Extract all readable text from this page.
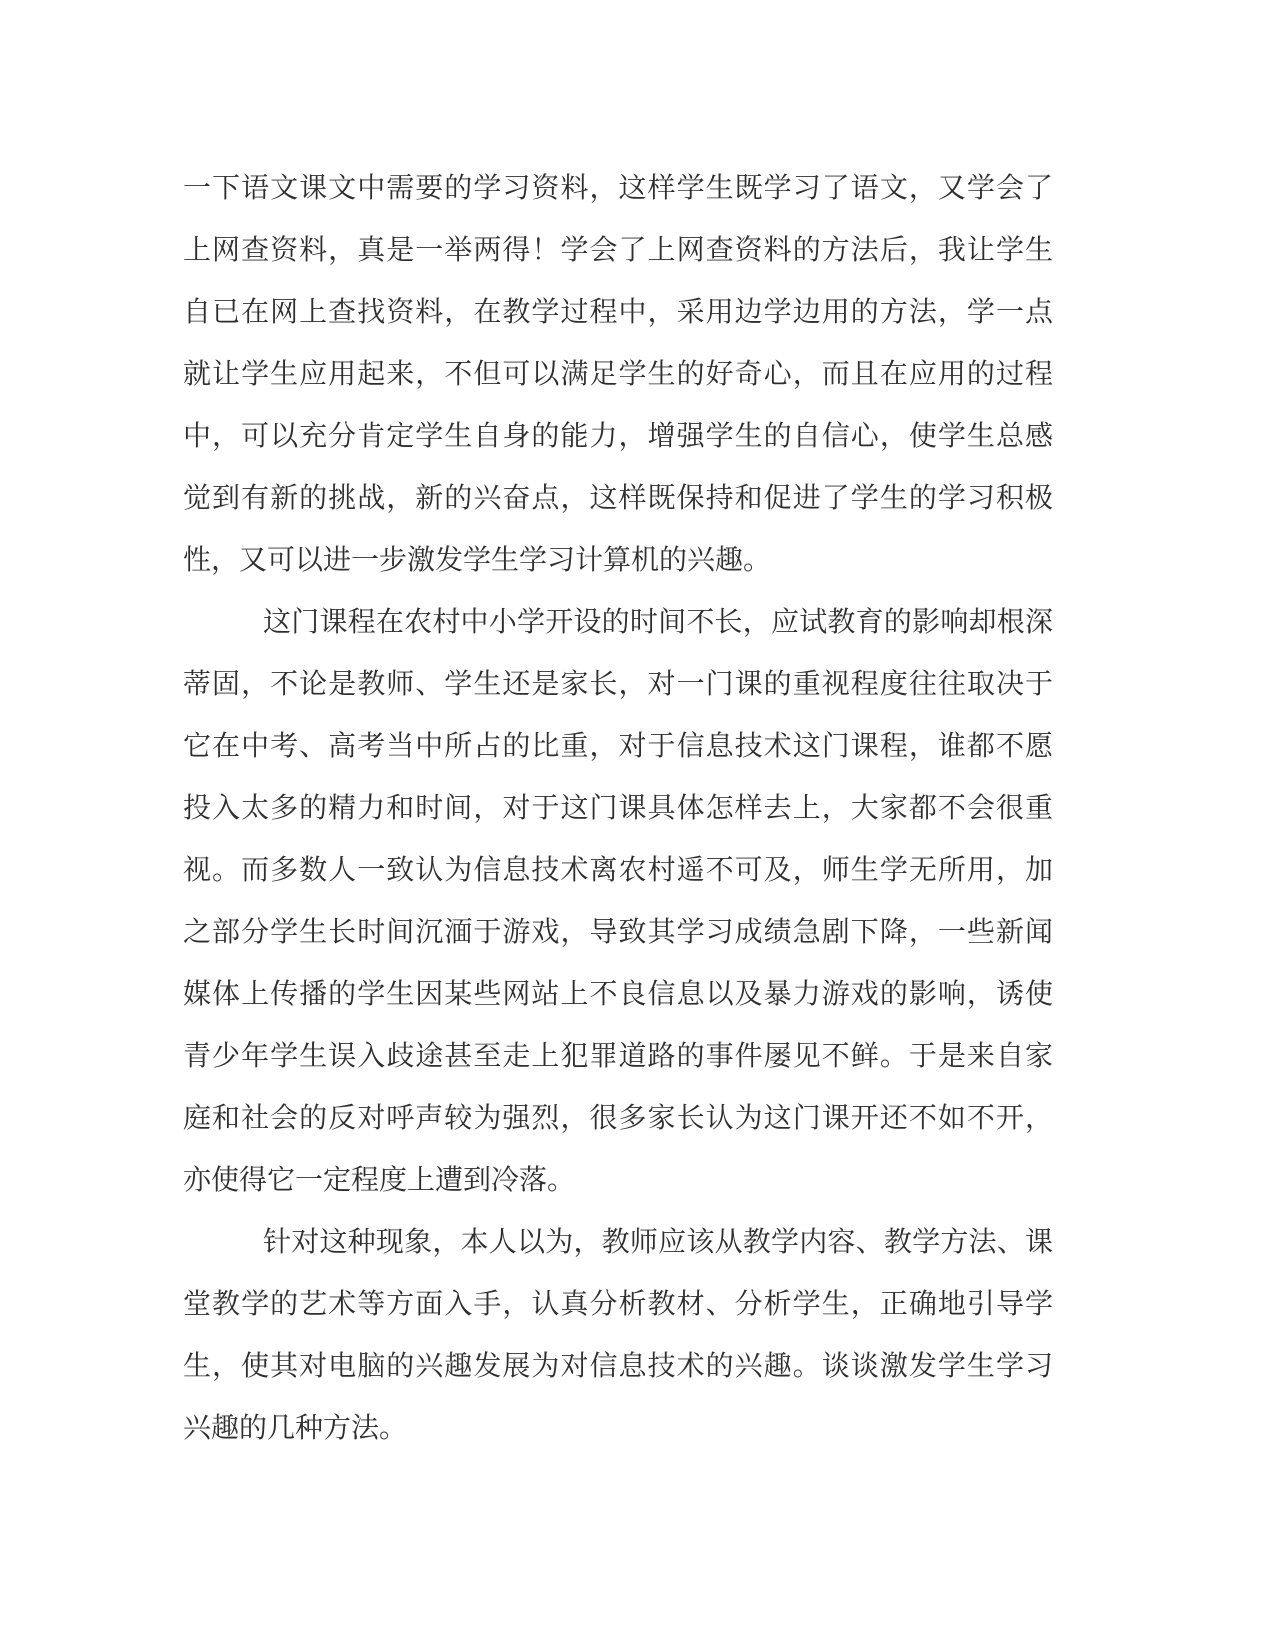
一下语文课文中需要的学习资料，这样学生既学习了语文，又学会了
上网查资料，真是一举两得！学会了上网查资料的方法后，我让学生
自已在网上查找资料，在教学过程中，采用边学边用的方法，学一点
就让学生应用起来，不但可以满足学生的好奇心，而且在应用的过程
中，可以充分肯定学生自身的能力，增强学生的自信心，使学生总感
觉到有新的挑战，新的兴奋点，这样既保持和促进了学生的学习积极
性，又可以进一步激发学生学习计算机的兴趣。
这门课程在农村中小学开设的时间不长，应试教育的影响却根深
蒂固，不论是教师、学生还是家长，对一门课的重视程度往往取决于
它在中考、高考当中所占的比重，对于信息技术这门课程，谁都不愿
投入太多的精力和时间，对于这门课具体怎样去上，大家都不会很重
视。而多数人一致认为信息技术离农村遥不可及，师生学无所用，加
之部分学生长时间沉湎于游戏，导致其学习成绩急剧下降，一些新闻
媒体上传播的学生因某些网站上不良信息以及暴力游戏的影响，诱使
青少年学生误入歧途甚至走上犯罪道路的事件屡见不鲜。于是来自家
庭和社会的反对呼声较为强烈，很多家长认为这门课开还不如不开，
亦使得它一定程度上遭到冷落。
针对这种现象，本人以为，教师应该从教学内容、教学方法、课
堂教学的艺术等方面入手，认真分析教材、分析学生，正确地引导学
生，使其对电脑的兴趣发展为对信息技术的兴趣。谈谈激发学生学习
兴趣的几种方法。
